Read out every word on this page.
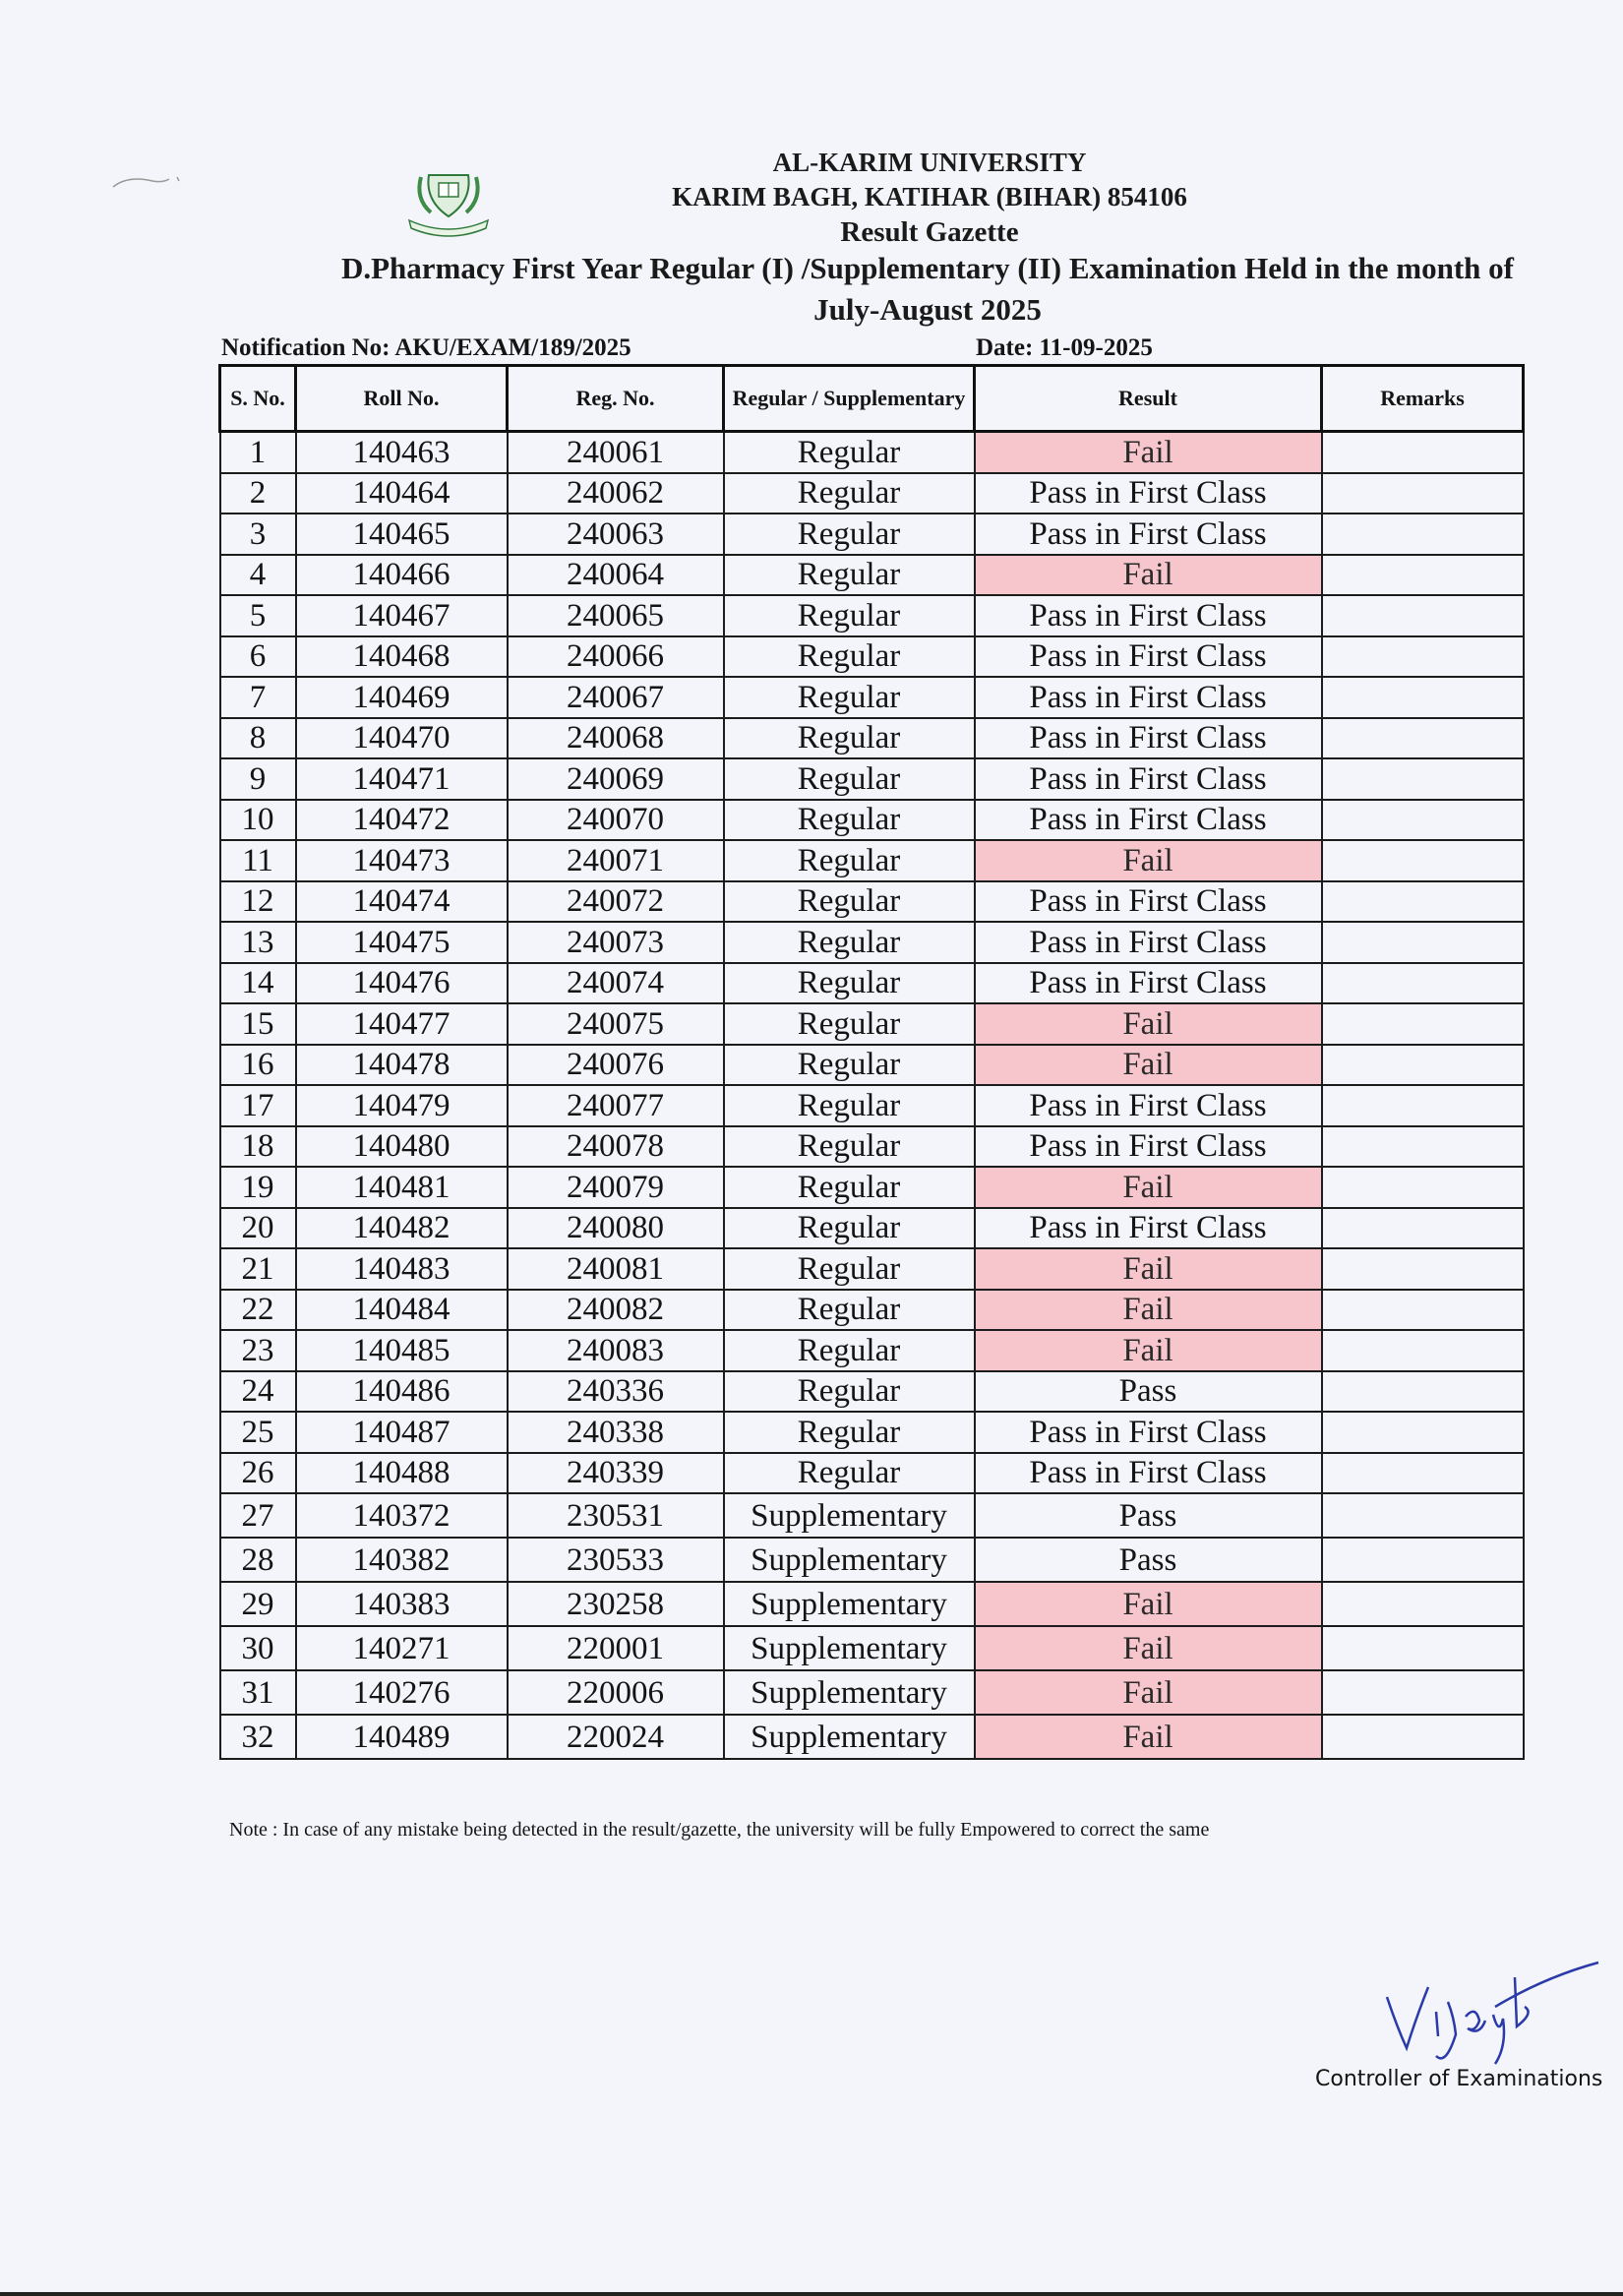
AL-KARIM UNIVERSITY
KARIM BAGH, KATIHAR (BIHAR) 854106
Result Gazette
D.Pharmacy First Year Regular (I) /Supplementary (II) Examination Held in the month of
July-August 2025
Notification No: AKU/EXAM/189/2025	Date: 11-09-2025
S. No.	Roll No.	Reg. No.	Regular / Supplementary	Result	Remarks
1	140463	240061	Regular	Fail	
2	140464	240062	Regular	Pass in First Class	
3	140465	240063	Regular	Pass in First Class	
4	140466	240064	Regular	Fail	
5	140467	240065	Regular	Pass in First Class	
6	140468	240066	Regular	Pass in First Class	
7	140469	240067	Regular	Pass in First Class	
8	140470	240068	Regular	Pass in First Class	
9	140471	240069	Regular	Pass in First Class	
10	140472	240070	Regular	Pass in First Class	
11	140473	240071	Regular	Fail	
12	140474	240072	Regular	Pass in First Class	
13	140475	240073	Regular	Pass in First Class	
14	140476	240074	Regular	Pass in First Class	
15	140477	240075	Regular	Fail	
16	140478	240076	Regular	Fail	
17	140479	240077	Regular	Pass in First Class	
18	140480	240078	Regular	Pass in First Class	
19	140481	240079	Regular	Fail	
20	140482	240080	Regular	Pass in First Class	
21	140483	240081	Regular	Fail	
22	140484	240082	Regular	Fail	
23	140485	240083	Regular	Fail	
24	140486	240336	Regular	Pass	
25	140487	240338	Regular	Pass in First Class	
26	140488	240339	Regular	Pass in First Class	
27	140372	230531	Supplementary	Pass	
28	140382	230533	Supplementary	Pass	
29	140383	230258	Supplementary	Fail	
30	140271	220001	Supplementary	Fail	
31	140276	220006	Supplementary	Fail	
32	140489	220024	Supplementary	Fail	
Note : In case of any mistake being detected in the result/gazette, the university will be fully Empowered to correct the same
Controller of Examinations
